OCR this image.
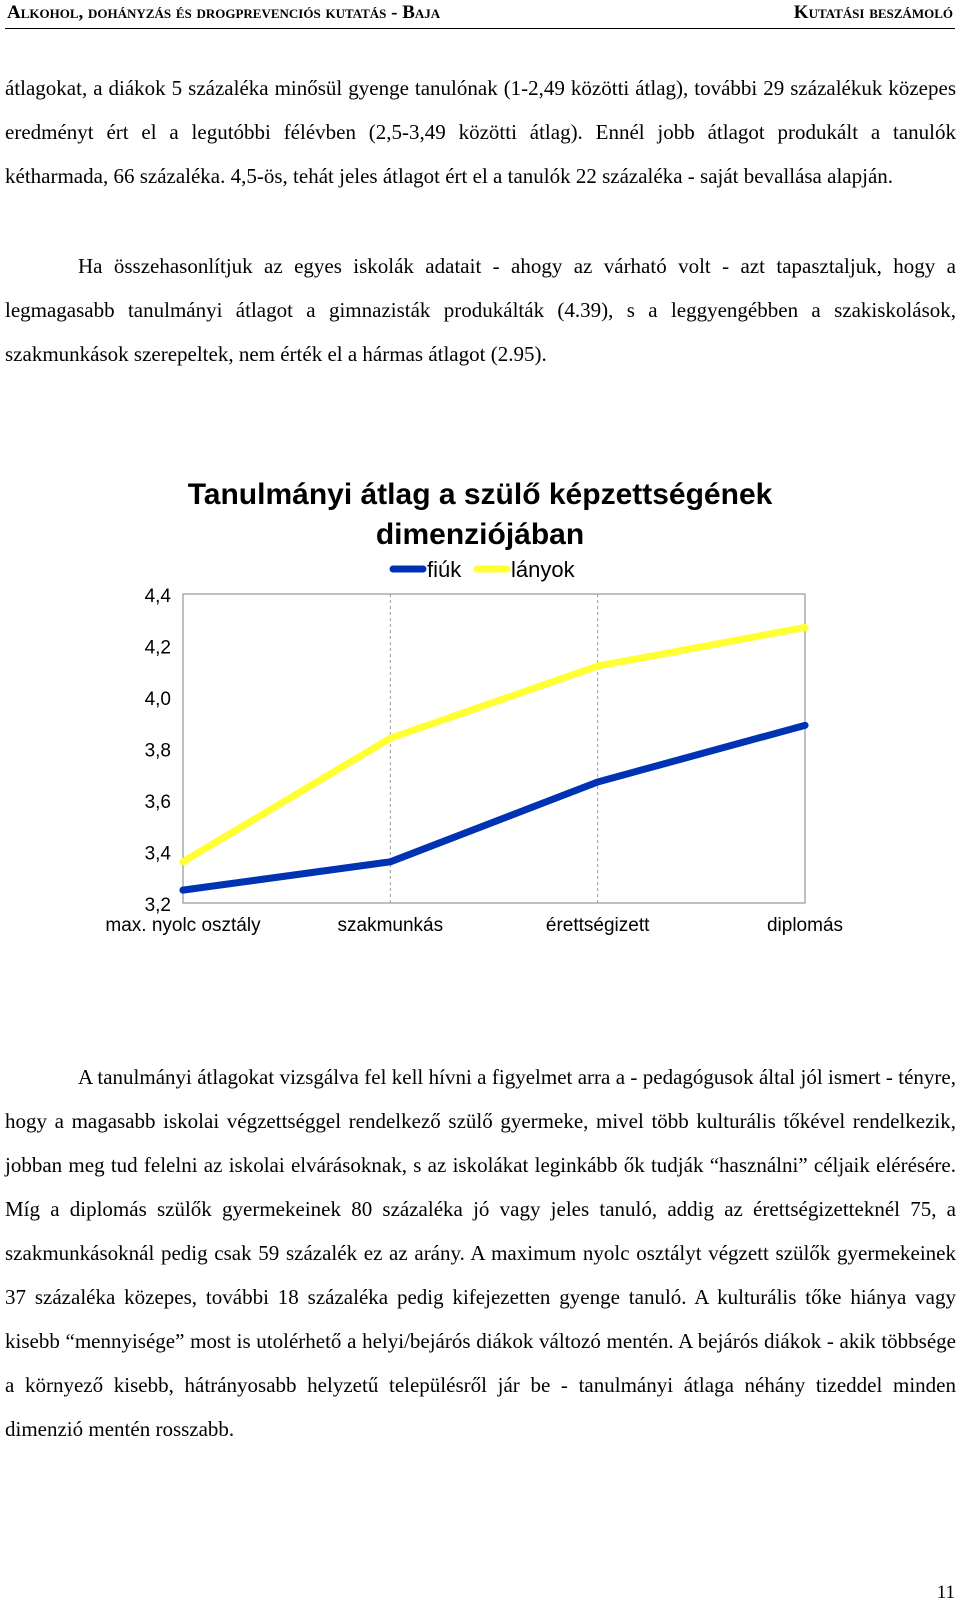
Alkohol, dohányzás és drogprevenciós kutatás - Baja	Kutatási beszámoló
átlagokat, a diákok 5 százaléka minősül gyenge tanulónak (1-2,49 közötti átlag), további 29 százalékuk közepes eredményt ért el a legutóbbi félévben (2,5-3,49 közötti átlag). Ennél jobb átlagot produkált a tanulók kétharmada, 66 százaléka. 4,5-ös, tehát jeles átlagot ért el a tanulók 22 százaléka - saját bevallása alapján.
Ha összehasonlítjuk az egyes iskolák adatait - ahogy az várható volt - azt tapasztaljuk, hogy a legmagasabb tanulmányi átlagot a gimnazisták produkálták (4.39), s a leggyengébben a szakiskolások, szakmunkások szerepeltek, nem érték el a hármas átlagot (2.95).
Tanulmányi átlag a szülő képzettségének
dimenziójában
fiúk lányok
4,4
4,2
4,0
3,8
3,6
3,4
3,2
max. nyolc osztály	szakmunkás	érettségizett	diplomás
A tanulmányi átlagokat vizsgálva fel kell hívni a figyelmet arra a - pedagógusok által jól ismert - tényre, hogy a magasabb iskolai végzettséggel rendelkező szülő gyermeke, mivel több kulturális tőkével rendelkezik, jobban meg tud felelni az iskolai elvárásoknak, s az iskolákat leginkább ők tudják “használni” céljaik elérésére. Míg a diplomás szülők gyermekeinek 80 százaléka jó vagy jeles tanuló, addig az érettségizetteknél 75, a szakmunkásoknál pedig csak 59 százalék ez az arány. A maximum nyolc osztályt végzett szülők gyermekeinek 37 százaléka közepes, további 18 százaléka pedig kifejezetten gyenge tanuló. A kulturális tőke hiánya vagy kisebb “mennyisége” most is utolérhető a helyi/bejárós diákok változó mentén. A bejárós diákok - akik többsége a környező kisebb, hátrányosabb helyzetű településről jár be - tanulmányi átlaga néhány tizeddel minden dimenzió mentén rosszabb.
11
